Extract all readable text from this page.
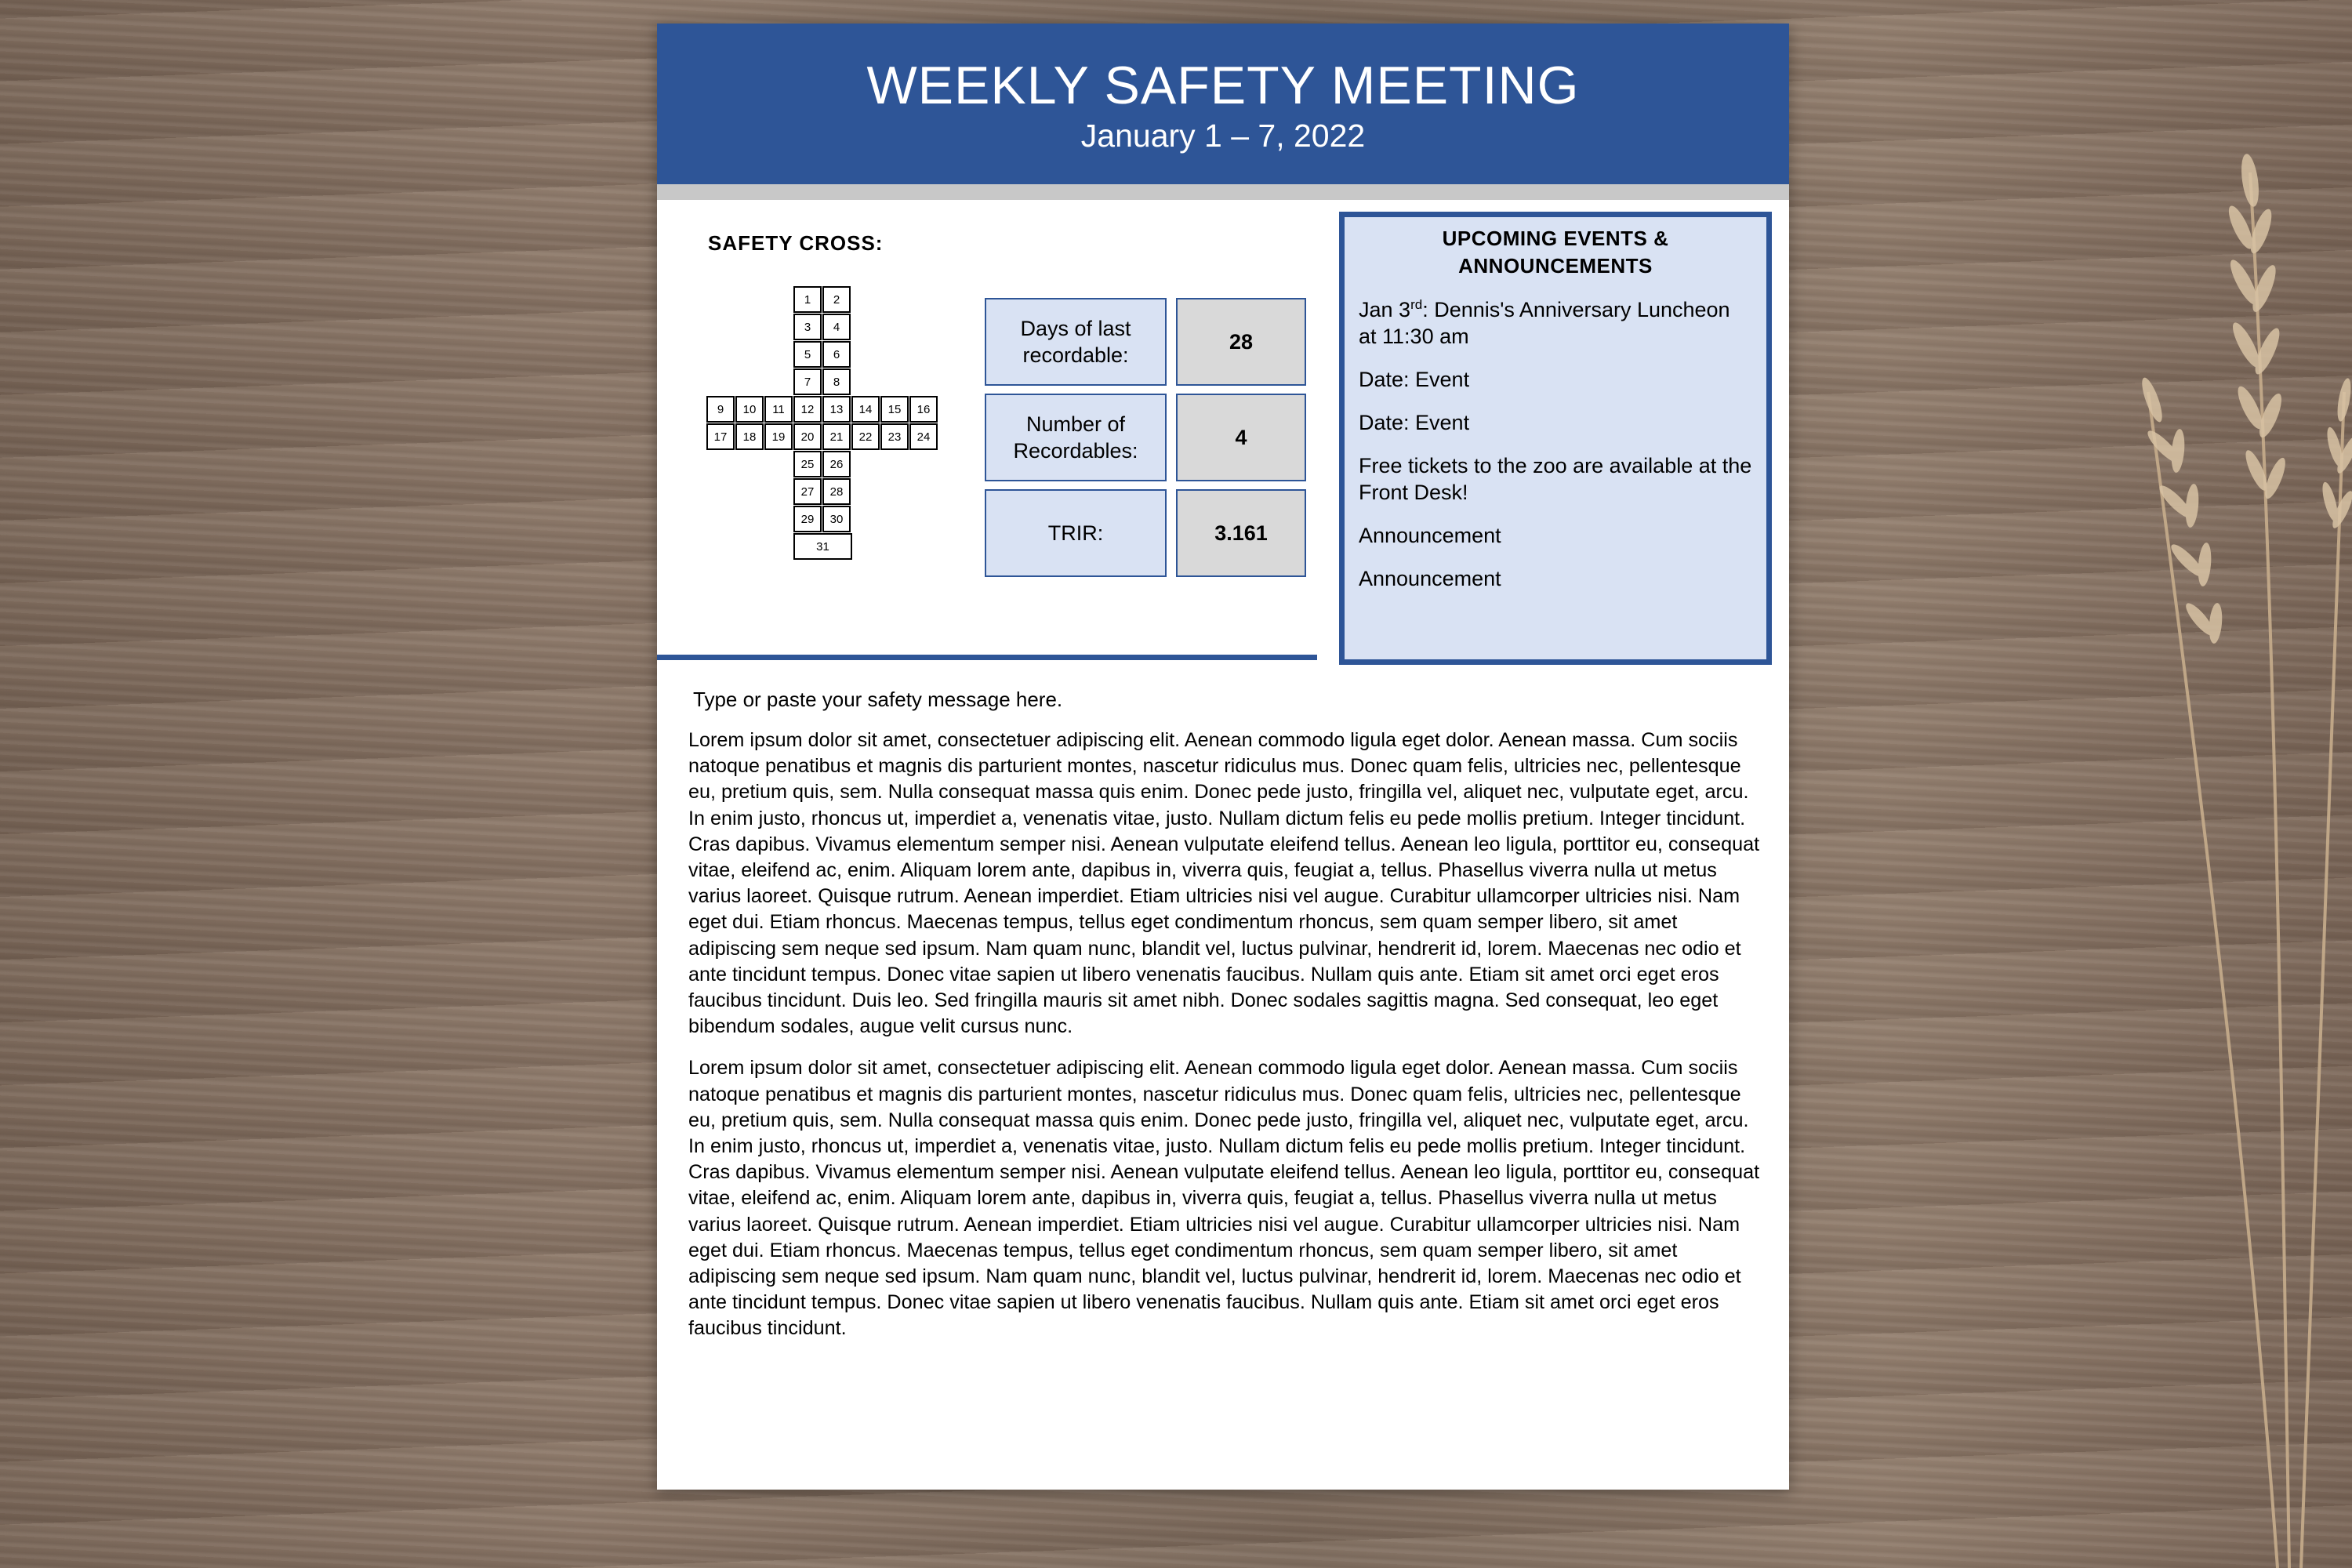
WEEKLY SAFETY MEETING
January 1 – 7, 2022
SAFETY CROSS:
1	2
3	4
5	6
7	8
9	10	11	12	13	14	15	16
17	18	19	20	21	22	23	24
25	26
27	28
29	30
31
Days of last recordable:
28
Number of Recordables:
4
TRIR:	3.161
UPCOMING EVENTS & ANNOUNCEMENTS

Jan 3rd: Dennis's Anniversary Luncheon at 11:30 am

Date: Event

Date: Event

Free tickets to the zoo are available at the Front Desk!

Announcement

Announcement

Type or paste your safety message here.

Lorem ipsum dolor sit amet, consectetuer adipiscing elit. Aenean commodo ligula eget dolor. Aenean massa. Cum sociis natoque penatibus et magnis dis parturient montes, nascetur ridiculus mus. Donec quam felis, ultricies nec, pellentesque eu, pretium quis, sem. Nulla consequat massa quis enim. Donec pede justo, fringilla vel, aliquet nec, vulputate eget, arcu. In enim justo, rhoncus ut, imperdiet a, venenatis vitae, justo. Nullam dictum felis eu pede mollis pretium. Integer tincidunt. Cras dapibus. Vivamus elementum semper nisi. Aenean vulputate eleifend tellus. Aenean leo ligula, porttitor eu, consequat vitae, eleifend ac, enim. Aliquam lorem ante, dapibus in, viverra quis, feugiat a, tellus. Phasellus viverra nulla ut metus varius laoreet. Quisque rutrum. Aenean imperdiet. Etiam ultricies nisi vel augue. Curabitur ullamcorper ultricies nisi. Nam eget dui. Etiam rhoncus. Maecenas tempus, tellus eget condimentum rhoncus, sem quam semper libero, sit amet adipiscing sem neque sed ipsum. Nam quam nunc, blandit vel, luctus pulvinar, hendrerit id, lorem. Maecenas nec odio et ante tincidunt tempus. Donec vitae sapien ut libero venenatis faucibus. Nullam quis ante. Etiam sit amet orci eget eros faucibus tincidunt. Duis leo. Sed fringilla mauris sit amet nibh. Donec sodales sagittis magna. Sed consequat, leo eget bibendum sodales, augue velit cursus nunc.

Lorem ipsum dolor sit amet, consectetuer adipiscing elit. Aenean commodo ligula eget dolor. Aenean massa. Cum sociis natoque penatibus et magnis dis parturient montes, nascetur ridiculus mus. Donec quam felis, ultricies nec, pellentesque eu, pretium quis, sem. Nulla consequat massa quis enim. Donec pede justo, fringilla vel, aliquet nec, vulputate eget, arcu. In enim justo, rhoncus ut, imperdiet a, venenatis vitae, justo. Nullam dictum felis eu pede mollis pretium. Integer tincidunt. Cras dapibus. Vivamus elementum semper nisi. Aenean vulputate eleifend tellus. Aenean leo ligula, porttitor eu, consequat vitae, eleifend ac, enim. Aliquam lorem ante, dapibus in, viverra quis, feugiat a, tellus. Phasellus viverra nulla ut metus varius laoreet. Quisque rutrum. Aenean imperdiet. Etiam ultricies nisi vel augue. Curabitur ullamcorper ultricies nisi. Nam eget dui. Etiam rhoncus. Maecenas tempus, tellus eget condimentum rhoncus, sem quam semper libero, sit amet adipiscing sem neque sed ipsum. Nam quam nunc, blandit vel, luctus pulvinar, hendrerit id, lorem. Maecenas nec odio et ante tincidunt tempus. Donec vitae sapien ut libero venenatis faucibus. Nullam quis ante. Etiam sit amet orci eget eros faucibus tincidunt.
